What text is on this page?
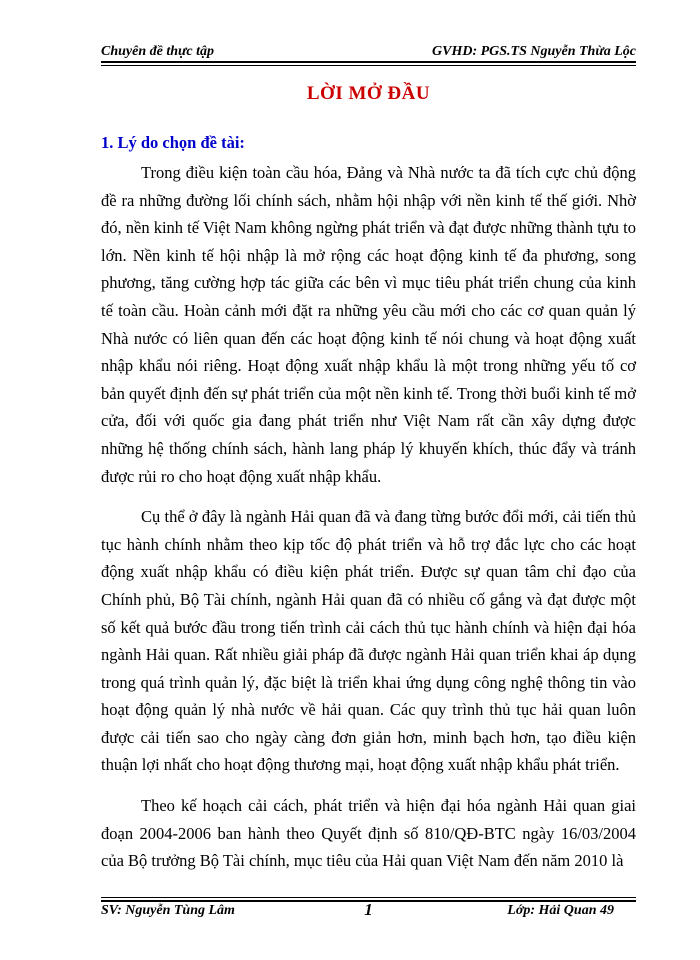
Chuyên đề thực tập	GVHD: PGS.TS Nguyễn Thừa Lộc
LỜI MỞ ĐẦU
1. Lý do chọn đề tài:

Trong điều kiện toàn cầu hóa, Đảng và Nhà nước ta đã tích cực chủ động đề ra những đường lối chính sách, nhằm hội nhập với nền kinh tế thế giới. Nhờ đó, nền kinh tế Việt Nam không ngừng phát triển và đạt được những thành tựu to lớn. Nền kinh tế hội nhập là mở rộng các hoạt động kinh tế đa phương, song phương, tăng cường hợp tác giữa các bên vì mục tiêu phát triển chung của kinh tế toàn cầu. Hoàn cảnh mới đặt ra những yêu cầu mới cho các cơ quan quản lý Nhà nước có liên quan đến các hoạt động kinh tế nói chung và hoạt động xuất nhập khẩu nói riêng. Hoạt động xuất nhập khẩu là một trong những yếu tố cơ bản quyết định đến sự phát triển của một nền kinh tế. Trong thời buổi kinh tế mở cửa, đối với quốc gia đang phát triển như Việt Nam rất cần xây dựng được những hệ thống chính sách, hành lang pháp lý khuyến khích, thúc đẩy và tránh được rủi ro cho hoạt động xuất nhập khẩu.

Cụ thể ở đây là ngành Hải quan đã và đang từng bước đổi mới, cải tiến thủ tục hành chính nhằm theo kịp tốc độ phát triển và hỗ trợ đắc lực cho các hoạt động xuất nhập khẩu có điều kiện phát triển. Được sự quan tâm chỉ đạo của Chính phủ, Bộ Tài chính, ngành Hải quan đã có nhiều cố gắng và đạt được một số kết quả bước đầu trong tiến trình cải cách thủ tục hành chính và hiện đại hóa ngành Hải quan. Rất nhiều giải pháp đã được ngành Hải quan triển khai áp dụng trong quá trình quản lý, đặc biệt là triển khai ứng dụng công nghệ thông tin vào hoạt động quản lý nhà nước về hải quan. Các quy trình thủ tục hải quan luôn được cải tiến sao cho ngày càng đơn giản hơn, minh bạch hơn, tạo điều kiện thuận lợi nhất cho hoạt động thương mại, hoạt động xuất nhập khẩu phát triển.

Theo kế hoạch cải cách, phát triển và hiện đại hóa ngành Hải quan giai đoạn 2004-2006 ban hành theo Quyết định số 810/QĐ-BTC ngày 16/03/2004 của Bộ trưởng Bộ Tài chính, mục tiêu của Hải quan Việt Nam đến năm 2010 là

SV: Nguyễn Tùng Lâm	1	Lớp: Hải Quan 49
